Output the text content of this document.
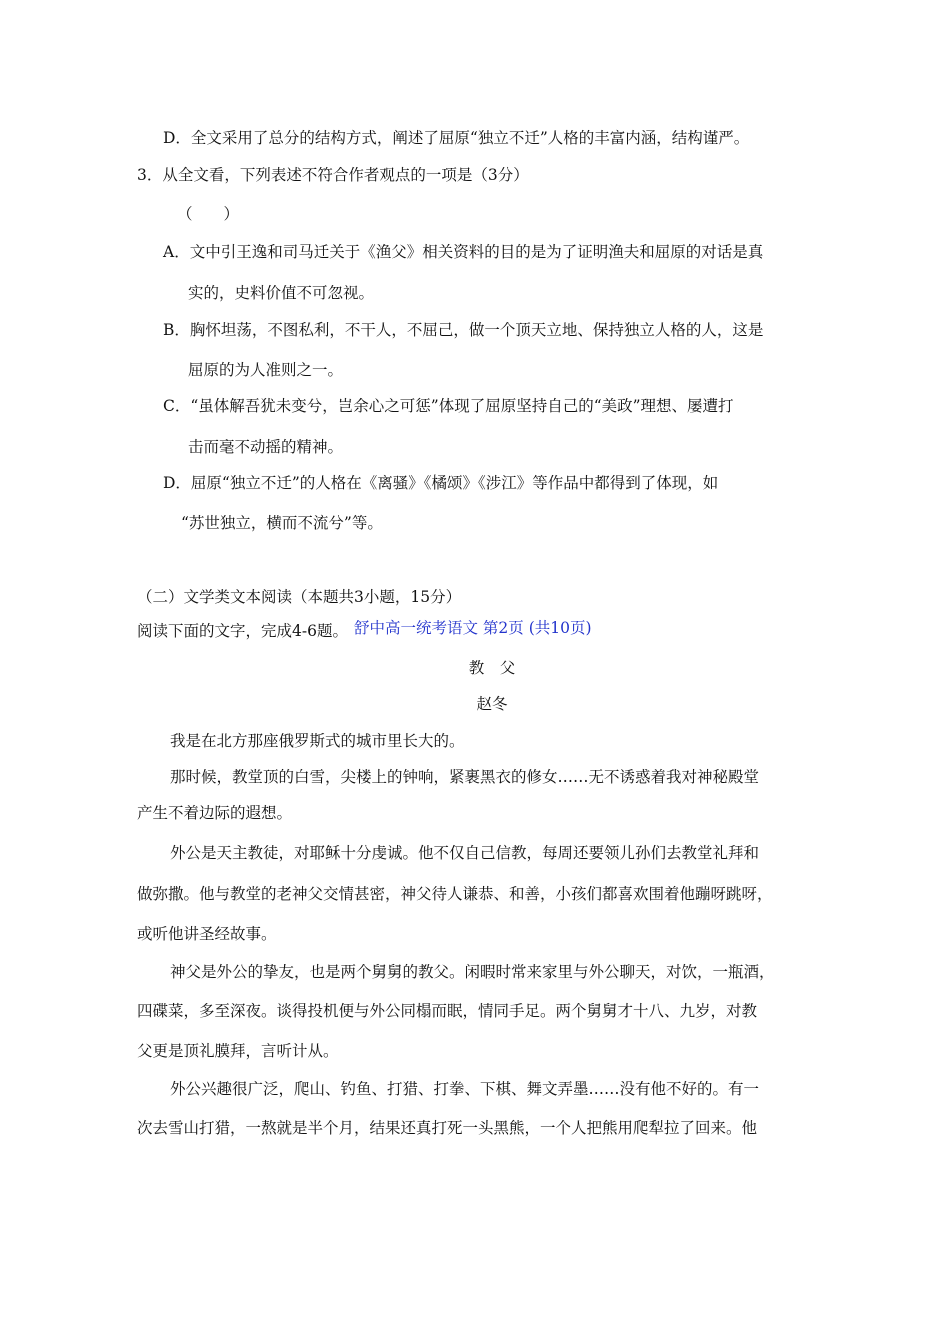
D．全文采用了总分的结构方式，阐述了屈原“独立不迁”人格的丰富内涵，结构谨严。
3．从全文看，下列表述不符合作者观点的一项是（3分）
（　　）
A．文中引王逸和司马迁关于《渔父》相关资料的目的是为了证明渔夫和屈原的对话是真
实的，史料价值不可忽视。
B．胸怀坦荡，不图私利，不干人，不屈己，做一个顶天立地、保持独立人格的人，这是
屈原的为人准则之一。
C．“虽体解吾犹未变兮，岂余心之可惩”体现了屈原坚持自己的“美政”理想、屡遭打
击而毫不动摇的精神。
D．屈原“独立不迁”的人格在《离骚》《橘颂》《涉江》等作品中都得到了体现，如
“苏世独立，横而不流兮”等。
（二）文学类文本阅读（本题共3小题，15分）
阅读下面的文字，完成4-6题。 舒中高一统考语文 第2页 (共10页)
教　父
赵冬
我是在北方那座俄罗斯式的城市里长大的。
那时候，教堂顶的白雪，尖楼上的钟响，紧裹黑衣的修女……无不诱惑着我对神秘殿堂
产生不着边际的遐想。
外公是天主教徒，对耶稣十分虔诚。他不仅自己信教，每周还要领儿孙们去教堂礼拜和
做弥撒。他与教堂的老神父交情甚密，神父待人谦恭、和善，小孩们都喜欢围着他蹦呀跳呀，
或听他讲圣经故事。
神父是外公的挚友，也是两个舅舅的教父。闲暇时常来家里与外公聊天，对饮，一瓶酒，
四碟菜，多至深夜。谈得投机便与外公同榻而眠，情同手足。两个舅舅才十八、九岁，对教
父更是顶礼膜拜，言听计从。
外公兴趣很广泛，爬山、钓鱼、打猎、打拳、下棋、舞文弄墨……没有他不好的。有一
次去雪山打猎，一熬就是半个月，结果还真打死一头黑熊，一个人把熊用爬犁拉了回来。他
